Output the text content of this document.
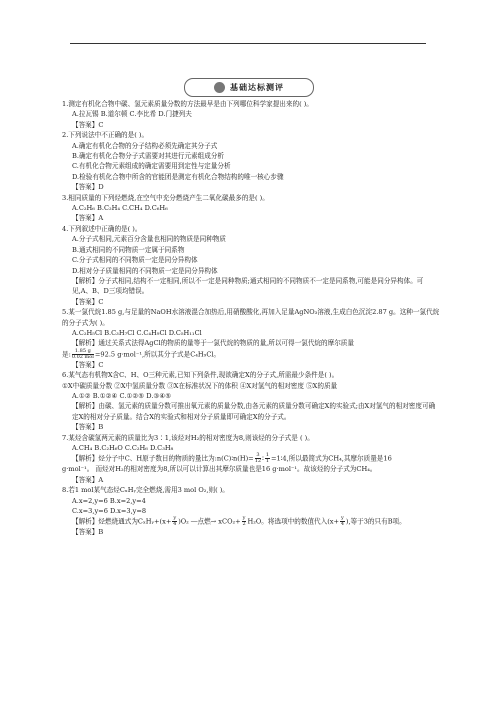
基础达标测评

1.测定有机化合物中碳、氢元素质量分数的方法最早是由下列哪位科学家提出来的( )。

A.拉瓦锡 B.道尔顿 C.李比希 D.门捷列夫

【答案】C

2.下列说法中不正确的是( )。

A.确定有机化合物的分子结构必须先确定其分子式

B.确定有机化合物分子式需要对其进行元素组成分析

C.有机化合物元素组成的确定需要用到定性与定量分析

D.检验有机化合物中所含的官能团是测定有机化合物结构的唯一核心步骤

【答案】D

3.相同质量的下列烃燃烧,在空气中充分燃烧产生二氧化碳最多的是( )。

A.C₂H₆ B.C₂H₄ C.CH₄ D.C₆H₆

【答案】A

4.下列叙述中正确的是( )。

A.分子式相同,元素百分含量也相同的物质是同种物质

B.通式相同的不同物质一定属于同系物

C.分子式相同的不同物质一定是同分异构体

D.相对分子质量相同的不同物质一定是同分异构体

【解析】分子式相同,结构不一定相同,所以不一定是同种物质;通式相同的不同物质不一定是同系物,可能是同分异构体。可见,A、B、D三项均错误。

【答案】C

5.某一氯代烷1.85 g,与足量的NaOH水溶液混合加热后,用硝酸酸化,再加入足量AgNO₃溶液,生成白色沉淀2.87 g。这种一氯代烷的分子式为( )。

A.C₂H₅Cl B.C₃H₇Cl C.C₄H₉Cl D.C₅H₁₁Cl

【解析】通过关系式法得AgCl的物质的量等于一氯代烷的物质的量,所以可得一氯代烷的摩尔质量

是: $\frac{1.85 g}{\text{0.02 mol}} =92.5$ g·mol⁻¹,所以其分子式是C₄H₉Cl。

【答案】C

6.某气态有机物X含C、H、O三种元素,已知下列条件,现欲确定X的分子式,所需最少条件是( )。

①X中碳质量分数 ②X中氢质量分数 ③X在标准状况下的体积 ④X对氢气的相对密度 ⑤X的质量

A.①② B.①②④ C.①②⑤ D.③④⑤

【解析】由碳、氢元素的质量分数可推出氧元素的质量分数,由各元素的质量分数可确定X的实验式;由X对氢气的相对密度可确定X的相对分子质量。结合X的实验式和相对分子质量即可确定X的分子式。

【答案】B

7.某烃含碳氢两元素的质量比为3∶1,该烃对H₂的相对密度为8,则该烃的分子式是 ( )。

A.CH₄ B.C₂H₆O C.C₂H₆ D.C₃H₈

【解析】烃分子中C、H原子数目的物质的量比为:n(C)∶n(H)= $\frac{3}{12}$ ∶ $\frac{1}{1}$ =1∶4,所以最简式为CH₄,其摩尔质量是16

g·mol⁻¹。 而烃对H₂的相对密度为8,所以可以计算出其摩尔质量也是16 g·mol⁻¹。故该烃的分子式为CH₄。

【答案】A

8.若1 mol某气态烃CₓHᵧ完全燃烧,需用3 mol O₂,则( )。

A.x=2,y=6 B.x=2,y=4

C.x=3,y=6 D.x=3,y=8

【解析】烃燃烧通式为CₓHᵧ+(x+ $\frac{y}{4} )O_2$ ―点燃→ $xCO_2+ \frac{y}{2} H_2O$。将选项中的数值代入($x+ \frac{y}{4}$ ),等于3的只有B项。

【答案】B
